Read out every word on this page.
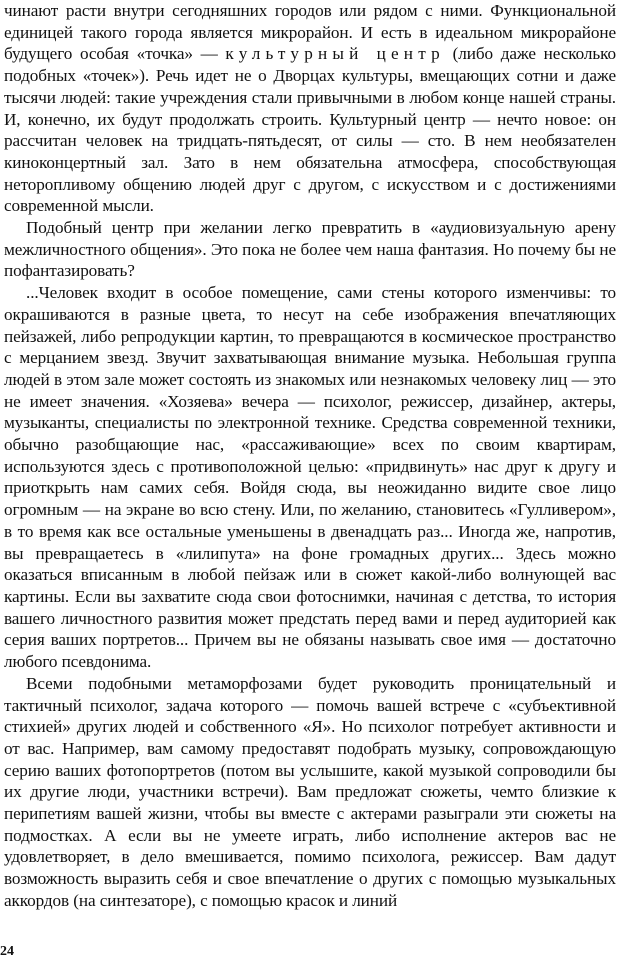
чинают расти внутри сегодняшних городов или рядом с ними. Функциональной единицей такого города является микрорайон. И есть в идеальном микрорайоне будущего особая «точка» — культурный центр (либо даже несколько подобных «точек»). Речь идет не о Дворцах культуры, вмещающих сотни и даже тысячи людей: такие учреждения стали привычными в любом конце нашей страны. И, конечно, их будут продолжать строить. Культурный центр — нечто новое: он рассчитан человек на тридцать-пятьдесят, от силы — сто. В нем необязателен киноконцертный зал. Зато в нем обязательна атмосфера, способствующая неторопливому общению людей друг с другом, с искусством и с достижениями современной мысли.

Подобный центр при желании легко превратить в «аудиовизуальную арену межличностного общения». Это пока не более чем наша фантазия. Но почему бы не пофантазировать?

...Человек входит в особое помещение, сами стены которого изменчивы: то окрашиваются в разные цвета, то несут на себе изображения впечатляющих пейзажей, либо репродукции картин, то превращаются в космическое пространство с мерцанием звезд. Звучит захватывающая внимание музыка. Небольшая группа людей в этом зале может состоять из знакомых или незнакомых человеку лиц — это не имеет значения. «Хозяева» вечера — психолог, режиссер, дизайнер, актеры, музыканты, специалисты по электронной технике. Средства современной техники, обычно разобщающие нас, «рассаживающие» всех по своим квартирам, используются здесь с противоположной целью: «придвинуть» нас друг к другу и приоткрыть нам самих себя. Войдя сюда, вы неожиданно видите свое лицо огромным — на экране во всю стену. Или, по желанию, становитесь «Гулливером», в то время как все остальные уменьшены в двенадцать раз... Иногда же, напротив, вы превращаетесь в «лилипута» на фоне громадных других... Здесь можно оказаться вписанным в любой пейзаж или в сюжет какой-либо волнующей вас картины. Если вы захватите сюда свои фотоснимки, начиная с детства, то история вашего личностного развития может предстать перед вами и перед аудиторией как серия ваших портретов... Причем вы не обязаны называть свое имя — достаточно любого псевдонима.

Всеми подобными метаморфозами будет руководить проницательный и тактичный психолог, задача которого — помочь вашей встрече с «субъективной стихией» других людей и собственного «Я». Но психолог потребует активности и от вас. Например, вам самому предоставят подобрать музыку, сопровождающую серию ваших фотопортретов (потом вы услышите, какой музыкой сопроводили бы их другие люди, участники встречи). Вам предложат сюжеты, чемто близкие к перипетиям вашей жизни, чтобы вы вместе с актерами разыграли эти сюжеты на подмостках. А если вы не умеете играть, либо исполнение актеров вас не удовлетворяет, в дело вмешивается, помимо психолога, режиссер. Вам дадут возможность выразить себя и свое впечатление о других с помощью музыкальных аккордов (на синтезаторе), с помощью красок и линий

24
